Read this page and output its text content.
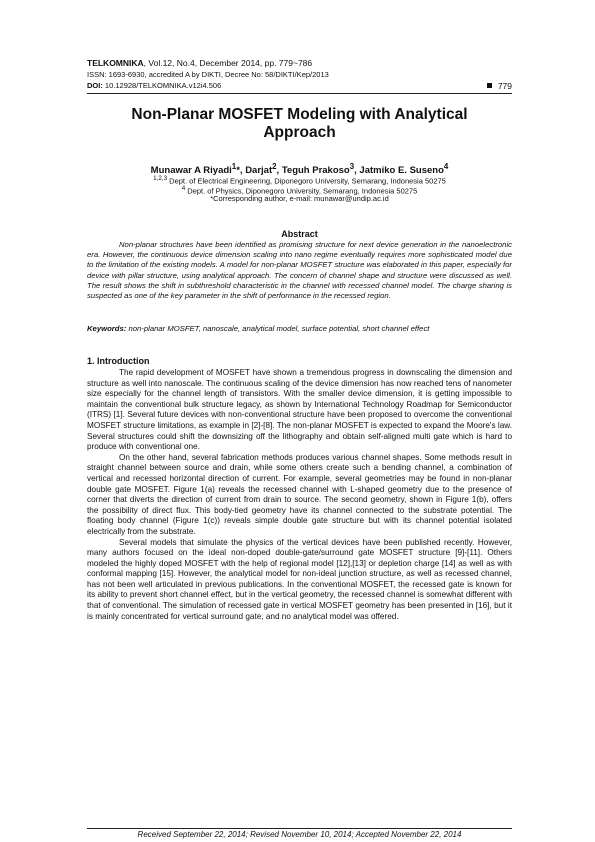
TELKOMNIKA, Vol.12, No.4, December 2014, pp. 779~786
ISSN: 1693-6930, accredited A by DIKTI, Decree No: 58/DIKTI/Kep/2013
DOI: 10.12928/TELKOMNIKA.v12i4.506	779
Non-Planar MOSFET Modeling with Analytical
Approach
Munawar A Riyadi$^1$*, Darjat$^2$, Teguh Prakoso$^3$, Jatmiko E. Suseno$^4$
$^{1,2,3}$ Dept. of Electrical Engineering, Diponegoro University, Semarang, Indonesia 50275
$^4$ Dept. of Physics, Diponegoro University, Semarang, Indonesia 50275
*Corresponding author, e-mail: munawar@undip.ac.id
Abstract
Non-planar structures have been identified as promising structure for next device generation in the nanoelectronic era. However, the continuous device dimension scaling into nano regime eventually requires more sophisticated model due to the limitation of the existing models. A model for non-planar MOSFET structure was elaborated in this paper, especially for device with pillar structure, using analytical approach. The concern of channel shape and structure were discussed as well. The result shows the shift in subthreshold characteristic in the channel with recessed channel model. The charge sharing is suspected as one of the key parameter in the shift of performance in the recessed region.
Keywords: non-planar MOSFET, nanoscale, analytical model, surface potential, short channel effect
1. Introduction

The rapid development of MOSFET have shown a tremendous progress in downscaling the dimension and structure as well into nanoscale. The continuous scaling of the device dimension has now reached tens of nanometer size especially for the channel length of transistors. With the smaller device dimension, it is getting impossible to maintain the conventional bulk structure legacy, as shown by International Technology Roadmap for Semiconductor (ITRS) [1]. Several future devices with non-conventional structure have been proposed to overcome the conventional MOSFET structure limitations, as example in [2]-[8]. The non-planar MOSFET is expected to expand the Moore's law. Several structures could shift the downsizing off the lithography and obtain self-aligned multi gate which is hard to produce with conventional one.

On the other hand, several fabrication methods produces various channel shapes. Some methods result in straight channel between source and drain, while some others create such a bending channel, a combination of vertical and recessed horizontal direction of current. For example, several geometries may be found in non-planar double gate MOSFET. Figure 1(a) reveals the recessed channel with L-shaped geometry due to the presence of corner that diverts the direction of current from drain to source. The second geometry, shown in Figure 1(b), offers the possibility of direct flux. This body-tied geometry have its channel connected to the substrate potential. The floating body channel (Figure 1(c)) reveals simple double gate structure but with its channel potential isolated electrically from the substrate.

Several models that simulate the physics of the vertical devices have been published recently. However, many authors focused on the ideal non-doped double-gate/surround gate MOSFET structure [9]-[11]. Others modeled the highly doped MOSFET with the help of regional model [12],[13] or depletion charge [14] as well as with conformal mapping [15]. However, the analytical model for non-ideal junction structure, as well as recessed channel, has not been well articulated in previous publications. In the conventional MOSFET, the recessed gate is known for its ability to prevent short channel effect, but in the vertical geometry, the recessed channel is somewhat different with that of conventional. The simulation of recessed gate in vertical MOSFET geometry has been presented in [16], but it is mainly concentrated for vertical surround gate, and no analytical model was offered.

Received September 22, 2014; Revised November 10, 2014; Accepted November 22, 2014
